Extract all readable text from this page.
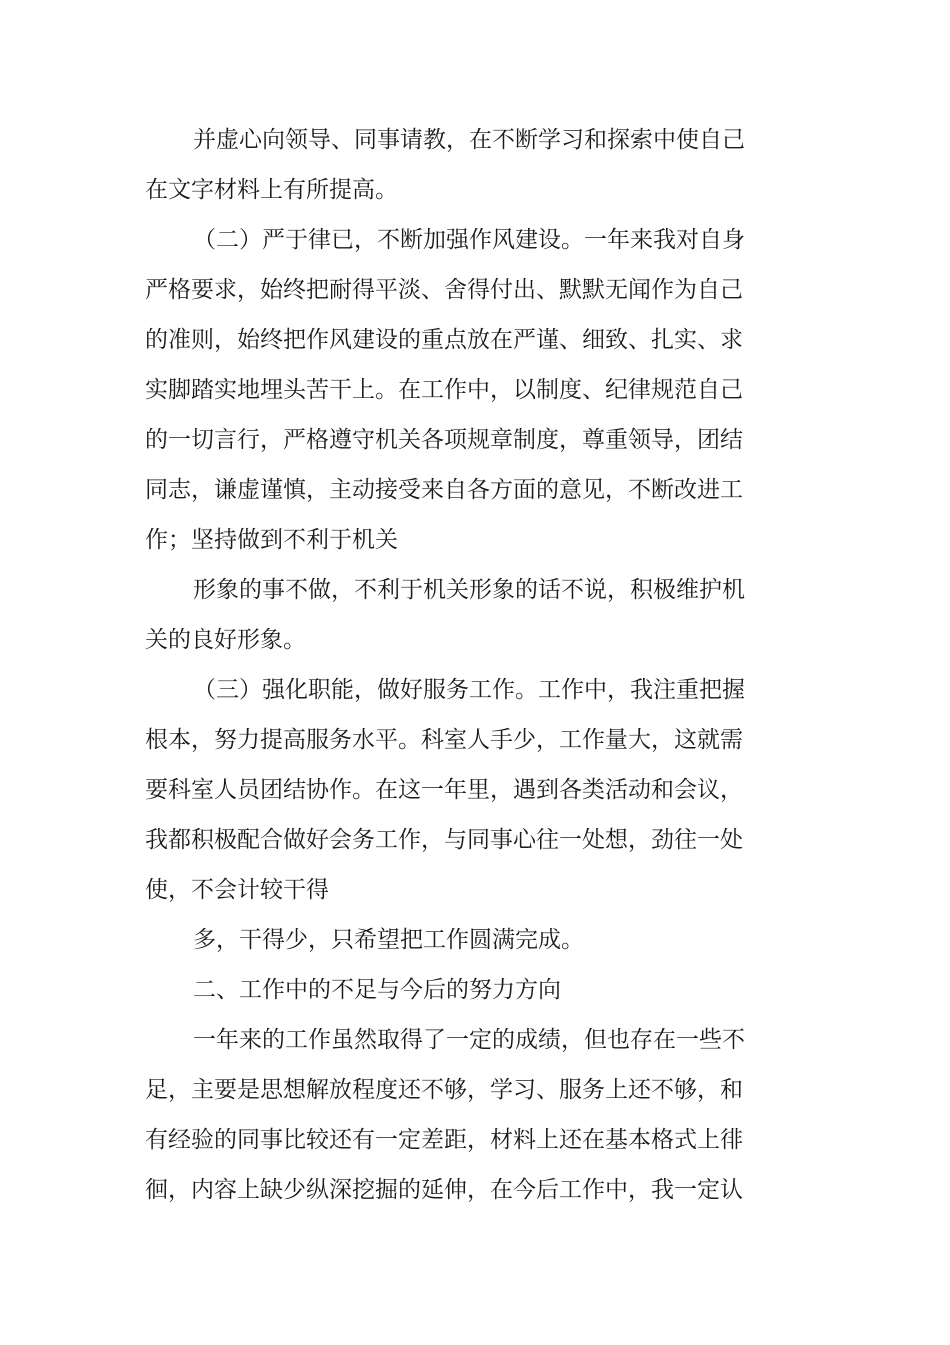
并虚心向领导、同事请教，在不断学习和探索中使自己
在文字材料上有所提高。
（二）严于律已，不断加强作风建设。一年来我对自身
严格要求，始终把耐得平淡、舍得付出、默默无闻作为自己
的准则，始终把作风建设的重点放在严谨、细致、扎实、求
实脚踏实地埋头苦干上。在工作中，以制度、纪律规范自己
的一切言行，严格遵守机关各项规章制度，尊重领导，团结
同志，谦虚谨慎，主动接受来自各方面的意见，不断改进工
作；坚持做到不利于机关
形象的事不做，不利于机关形象的话不说，积极维护机
关的良好形象。
（三）强化职能，做好服务工作。工作中，我注重把握
根本，努力提高服务水平。科室人手少，工作量大，这就需
要科室人员团结协作。在这一年里，遇到各类活动和会议，
我都积极配合做好会务工作，与同事心往一处想，劲往一处
使，不会计较干得
多，干得少，只希望把工作圆满完成。
二、工作中的不足与今后的努力方向
一年来的工作虽然取得了一定的成绩，但也存在一些不
足，主要是思想解放程度还不够，学习、服务上还不够，和
有经验的同事比较还有一定差距，材料上还在基本格式上徘
徊，内容上缺少纵深挖掘的延伸，在今后工作中，我一定认
